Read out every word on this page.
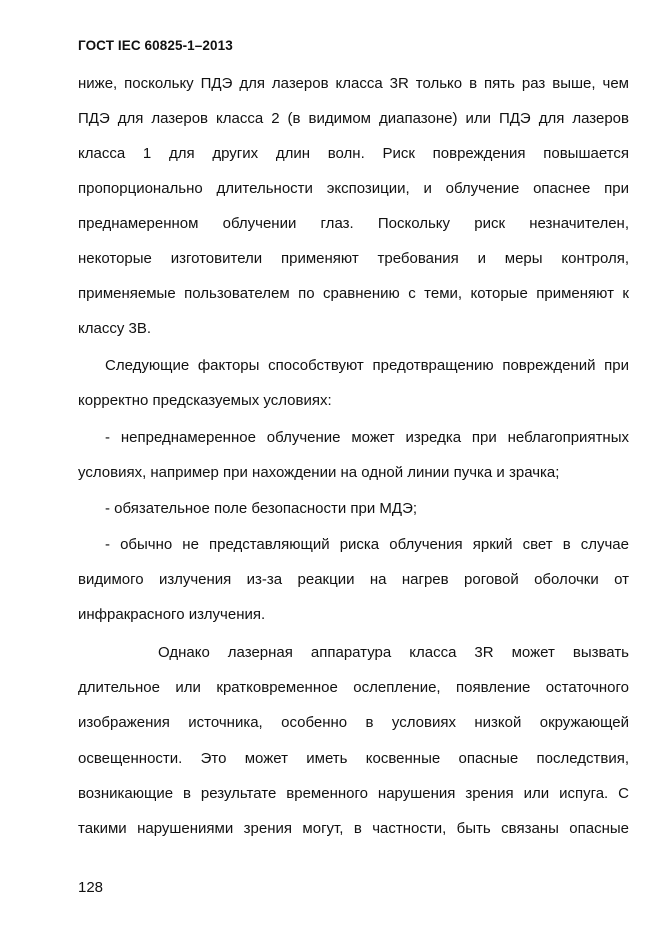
ГОСТ IEC 60825-1–2013
ниже, поскольку ПДЭ для лазеров класса 3R только в пять раз выше, чем
ПДЭ для лазеров класса 2 (в видимом диапазоне) или ПДЭ для лазеров
класса 1 для других длин волн. Риск повреждения повышается
пропорционально длительности экспозиции, и облучение опаснее при
преднамеренном облучении глаз. Поскольку риск незначителен,
некоторые изготовители применяют требования и меры контроля,
применяемые пользователем по сравнению с теми, которые применяют к
классу 3В.
Следующие факторы способствуют предотвращению повреждений при
корректно предсказуемых условиях:
- непреднамеренное облучение может изредка при неблагоприятных
условиях, например при нахождении на одной линии пучка и зрачка;
- обязательное поле безопасности при МДЭ;
- обычно не представляющий риска облучения яркий свет в случае
видимого излучения из-за реакции на нагрев роговой оболочки от
инфракрасного излучения.
Однако лазерная аппаратура класса 3R может вызвать
длительное или кратковременное ослепление, появление остаточного
изображения источника, особенно в условиях низкой окружающей
освещенности. Это может иметь косвенные опасные последствия,
возникающие в результате временного нарушения зрения или испуга. С
такими нарушениями зрения могут, в частности, быть связаны опасные
128
